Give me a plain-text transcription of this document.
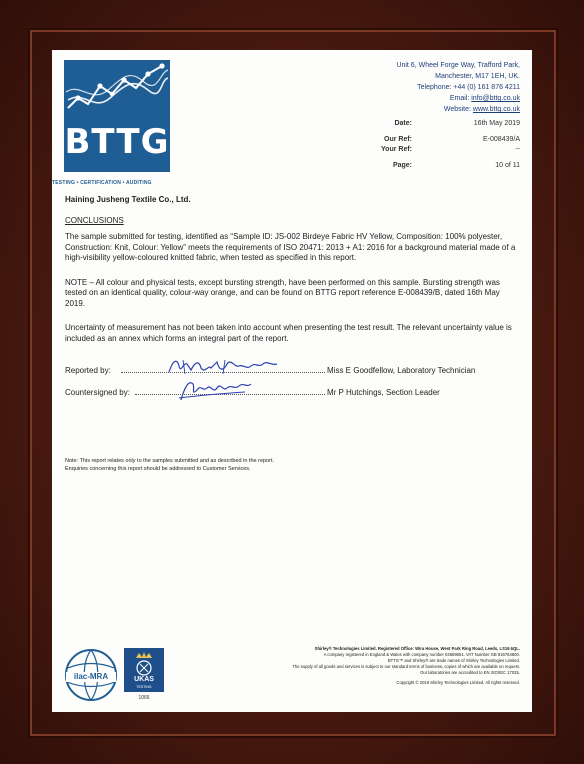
BTTG
TESTING • CERTIFICATION • AUDITING
Unit 6, Wheel Forge Way, Trafford Park,
Manchester, M17 1EH, UK.
Telephone: +44 (0) 161 876 4211
Email: info@bttg.co.uk
Website: www.bttg.co.uk
Date:	16th May 2019
Our Ref:	E-008439/A
Your Ref:	--
Page:	10 of 11
Haining Jusheng Textile Co., Ltd.
CONCLUSIONS
The sample submitted for testing, identified as “Sample ID: JS-002 Birdeye Fabric HV Yellow, Composition: 100% polyester, Construction: Knit, Colour: Yellow” meets the requirements of ISO 20471: 2013 + A1: 2016 for a background material made of a high-visibility yellow-coloured knitted fabric, when tested as specified in this report.
NOTE – All colour and physical tests, except bursting strength, have been performed on this sample. Bursting strength was tested on an identical quality, colour-way orange, and can be found on BTTG report reference E-008439/B, dated 16th May 2019.
Uncertainty of measurement has not been taken into account when presenting the test result. The relevant uncertainty value is included as an annex which forms an integral part of the report.
Reported by:	Miss E Goodfellow, Laboratory Technician
Countersigned by:	Mr P Hutchings, Section Leader
Note: This report relates only to the samples submitted and as described in the report.
Enquiries concerning this report should be addressed to Customer Services.
ilac-MRA	UKAS
TESTING
1066
Shirley® Technologies Limited. Registered Office: Wira House, West Park Ring Road, Leeds, LS16 6QL.
A company registered in England & Wales with company number 04669651. VAT Number GB 816764800.
BTTG™ and Shirley® are trade names of Shirley Technologies Limited.
The supply of all goods and services is subject to our standard terms of business, copies of which are available on request.
Our laboratories are accredited to EN ISO/IEC 17025.
Copyright © 2019 Shirley Technologies Limited. All rights reserved.
